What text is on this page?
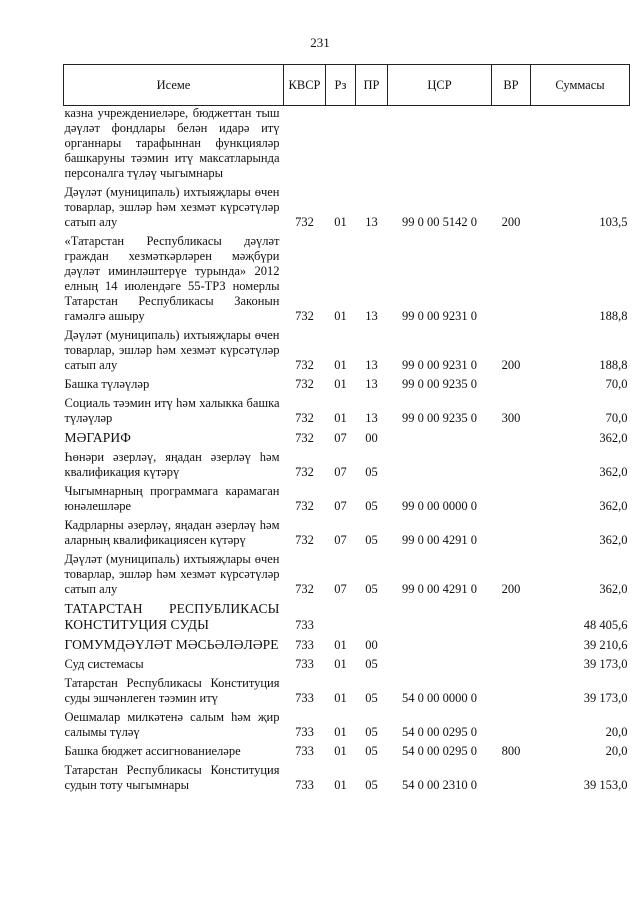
231
Исеме	КВСР	Рз	ПР	ЦСР	ВР	Суммасы
казна учреждениеләре, бюджеттан тыш дәүләт фондлары белән идарә итү органнары тарафыннан функцияләр башкаруны тәэмин итү максатларында персоналга түләү чыгымнары						
Дәүләт (муниципаль) ихтыяҗлары өчен товарлар, эшләр һәм хезмәт күрсәтүләр сатып алу	732	01	13	99 0 00 5142 0	200	103,5
«Татарстан Республикасы дәүләт граждан хезмәткәрләрен мәҗбүри дәүләт иминләштерүе турында» 2012 елның 14 июлендәге 55-ТРЗ номерлы Татарстан Республикасы Законын гамәлгә ашыру	732	01	13	99 0 00 9231 0		188,8
Дәүләт (муниципаль) ихтыяҗлары өчен товарлар, эшләр һәм хезмәт күрсәтүләр сатып алу	732	01	13	99 0 00 9231 0	200	188,8
Башка түләүләр	732	01	13	99 0 00 9235 0		70,0
Социаль тәэмин итү һәм халыкка башка түләүләр	732	01	13	99 0 00 9235 0	300	70,0
МӘГАРИФ	732	07	00			362,0
Һөнәри әзерләү, яңадан әзерләү һәм квалификация күтәрү	732	07	05			362,0
Чыгымнарның программага карамаган юнәлешләре	732	07	05	99 0 00 0000 0		362,0
Кадрларны әзерләү, яңадан әзерләү һәм аларның квалификациясен күтәрү	732	07	05	99 0 00 4291 0		362,0
Дәүләт (муниципаль) ихтыяҗлары өчен товарлар, эшләр һәм хезмәт күрсәтүләр сатып алу	732	07	05	99 0 00 4291 0	200	362,0
ТАТАРСТАН РЕСПУБЛИКАСЫ КОНСТИТУЦИЯ СУДЫ	733					48 405,6
ГОМУМДӘҮЛӘТ МӘСЬӘЛӘЛӘРЕ	733	01	00			39 210,6
Суд системасы	733	01	05			39 173,0
Татарстан Республикасы Конституция суды эшчәнлеген тәэмин итү	733	01	05	54 0 00 0000 0		39 173,0
Оешмалар милкәтенә салым һәм җир салымы түләү	733	01	05	54 0 00 0295 0		20,0
Башка бюджет ассигнованиеләре	733	01	05	54 0 00 0295 0	800	20,0
Татарстан Республикасы Конституция судын тоту чыгымнары	733	01	05	54 0 00 2310 0		39 153,0
